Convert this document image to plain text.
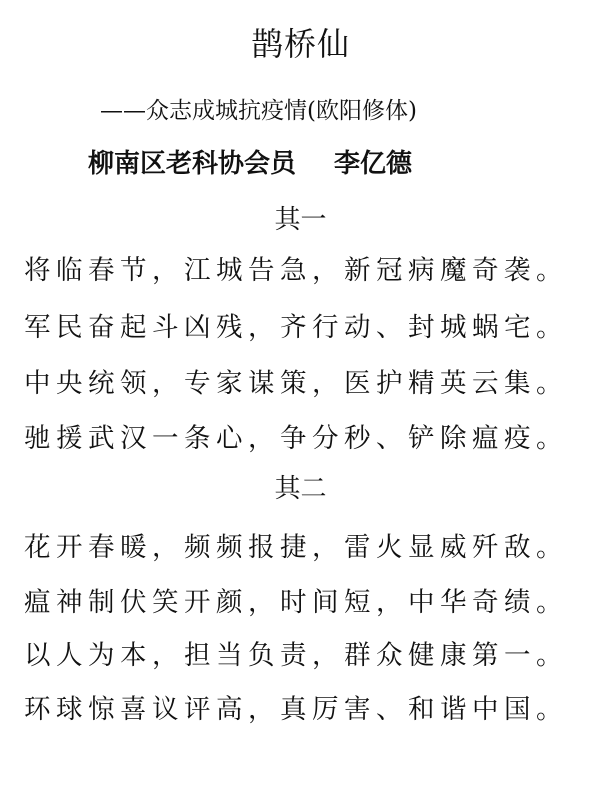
鹊桥仙
——众志成城抗疫情(欧阳修体)
柳南区老科协会员 李亿德
其一
将临春节，江城告急，新冠病魔奇袭。
军民奋起斗凶残，齐行动、封城蜗宅。
中央统领，专家谋策，医护精英云集。
驰援武汉一条心，争分秒、铲除瘟疫。
其二
花开春暖，频频报捷，雷火显威歼敌。
瘟神制伏笑开颜，时间短，中华奇绩。
以人为本，担当负责，群众健康第一。
环球惊喜议评高，真厉害、和谐中国。
